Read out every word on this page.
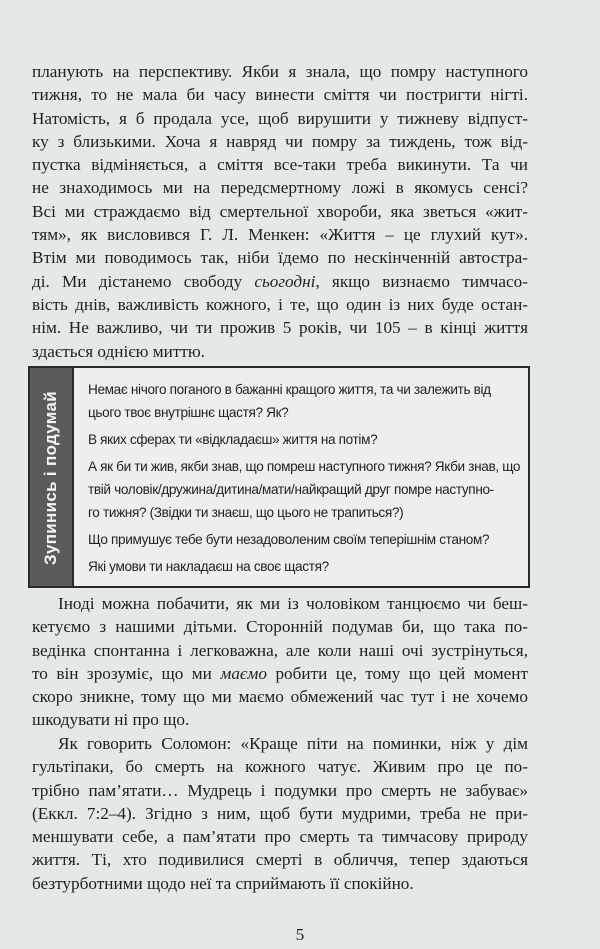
планують на перспективу. Якби я знала, що помру наступного
тижня, то не мала би часу винести сміття чи постригти нігті.
Натомість, я б продала усе, щоб вирушити у тижневу відпуст-
ку з близькими. Хоча я навряд чи помру за тиждень, тож від-
пустка відміняється, а сміття все-таки треба викинути. Та чи
не знаходимось ми на передсмертному ложі в якомусь сенсі?
Всі ми страждаємо від смертельної хвороби, яка зветься «жит-
тям», як висловився Г. Л. Менкен: «Життя – це глухий кут».
Втім ми поводимось так, ніби їдемо по нескінченній автостра-
ді. Ми дістанемо свободу сьогодні, якщо визнаємо тимчасо-
вість днів, важливість кожного, і те, що один із них буде остан-
нім. Не важливо, чи ти прожив 5 років, чи 105 – в кінці життя
здається однією миттю.
Зупинись і подумай
Немає нічого поганого в бажанні кращого життя, та чи залежить від
цього твоє внутрішнє щастя? Як?
В яких сферах ти «відкладаєш» життя на потім?
А як би ти жив, якби знав, що помреш наступного тижня? Якби знав, що
твій чоловік/дружина/дитина/мати/найкращий друг помре наступно-
го тижня? (Звідки ти знаєш, що цього не трапиться?)
Що примушує тебе бути незадоволеним своїм теперішнім станом?
Які умови ти накладаєш на своє щастя?
Іноді можна побачити, як ми із чоловіком танцюємо чи беш-
кетуємо з нашими дітьми. Сторонній подумав би, що така по-
ведінка спонтанна і легковажна, але коли наші очі зустрінуться,
то він зрозуміє, що ми маємо робити це, тому що цей момент
скоро зникне, тому що ми маємо обмежений час тут і не хочемо
шкодувати ні про що.
Як говорить Соломон: «Краще піти на поминки, ніж у дім
гультіпаки, бо смерть на кожного чатує. Живим про це по-
трібно пам’ятати… Мудрець і подумки про смерть не забуває»
(Еккл. 7:2–4). Згідно з ним, щоб бути мудрими, треба не при-
меншувати себе, а пам’ятати про смерть та тимчасову природу
життя. Ті, хто подивилися смерті в обличчя, тепер здаються
безтурботними щодо неї та сприймають її спокійно.
5
